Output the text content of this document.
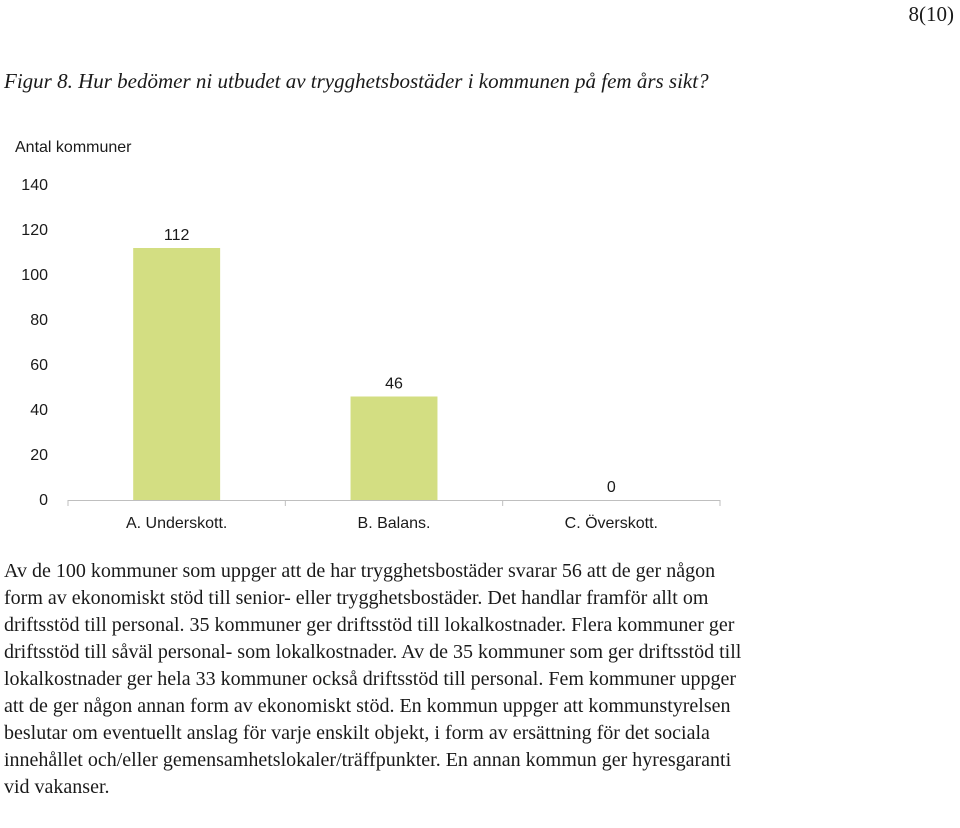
8(10)
Figur 8. Hur bedömer ni utbudet av trygghetsbostäder i kommunen på fem års sikt?
Antal kommuner
0
20
40
60
80
100
120
140
112
46
0
A. Underskott.	B. Balans.	C. Överskott.

Av de 100 kommuner som uppger att de har trygghetsbostäder svarar 56 att de ger någon form av ekonomiskt stöd till senior- eller trygghetsbostäder. Det handlar framför allt om driftsstöd till personal. 35 kommuner ger driftsstöd till lokalkostnader. Flera kommuner ger driftsstöd till såväl personal- som lokalkostnader. Av de 35 kommuner som ger driftsstöd till lokalkostnader ger hela 33 kommuner också driftsstöd till personal. Fem kommuner uppger att de ger någon annan form av ekonomiskt stöd. En kommun uppger att kommunstyrelsen beslutar om eventuellt anslag för varje enskilt objekt, i form av ersättning för det sociala innehållet och/eller gemensamhetslokaler/träffpunkter. En annan kommun ger hyresgaranti vid vakanser.
